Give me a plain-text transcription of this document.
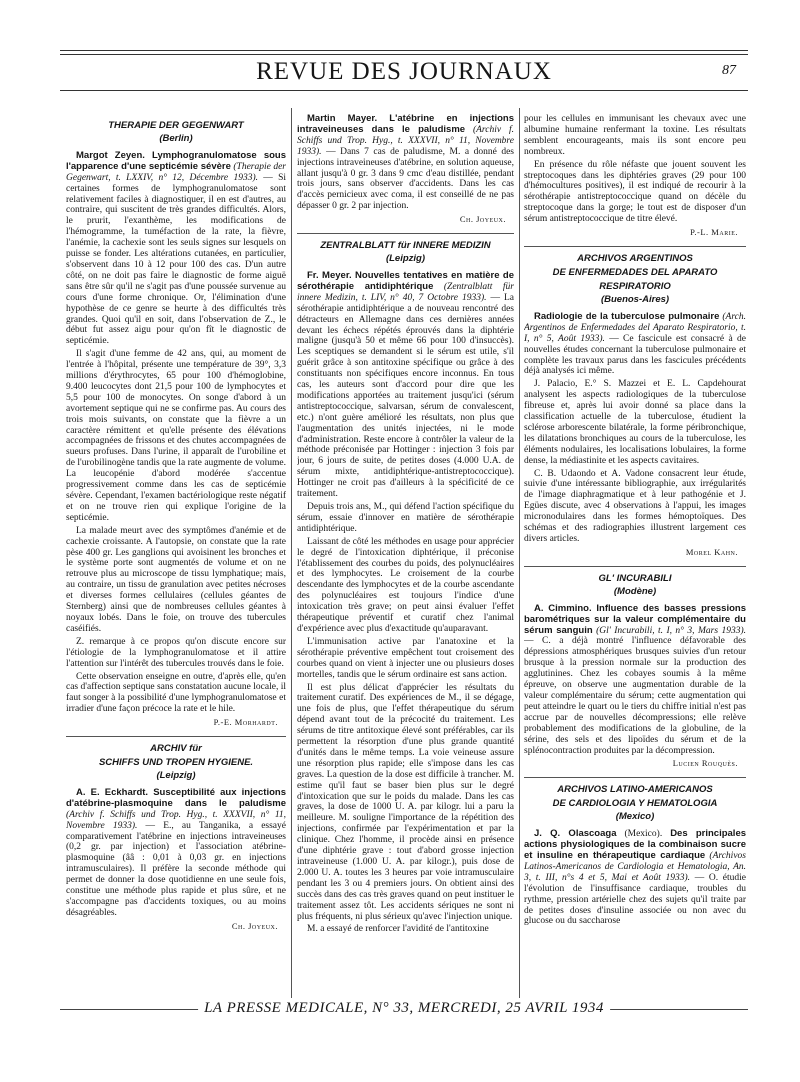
REVUE DES JOURNAUX	87
THERAPIE DER GEGENWART
(Berlin)

Margot Zeyen. Lymphogranulomatose sous l'apparence d'une septicémie sévère (Therapie der Gegenwart, t. LXXIV, n° 12, Décembre 1933). — Si certaines formes de lymphogranulomatose sont relativement faciles à diagnostiquer, il en est d'autres, au contraire, qui suscitent de très grandes difficultés. Alors, le prurit, l'exanthème, les modifications de l'hémogramme, la tuméfaction de la rate, la fièvre, l'anémie, la cachexie sont les seuls signes sur lesquels on puisse se fonder. Les altérations cutanées, en particulier, s'observent dans 10 à 12 pour 100 des cas. D'un autre côté, on ne doit pas faire le diagnostic de forme aiguë sans être sûr qu'il ne s'agit pas d'une poussée survenue au cours d'une forme chronique. Or, l'élimination d'une hypothèse de ce genre se heurte à des difficultés très grandes. Quoi qu'il en soit, dans l'observation de Z., le début fut assez aigu pour qu'on fît le diagnostic de septicémie.

Il s'agit d'une femme de 42 ans, qui, au moment de l'entrée à l'hôpital, présente une température de 39°, 3,3 millions d'érythrocytes, 65 pour 100 d'hémoglobine, 9.400 leucocytes dont 21,5 pour 100 de lymphocytes et 5,5 pour 100 de monocytes. On songe d'abord à un avortement septique qui ne se confirme pas. Au cours des trois mois suivants, on constate que la fièvre a un caractère rémittent et qu'elle présente des élévations accompagnées de frissons et des chutes accompagnées de sueurs profuses. Dans l'urine, il apparaît de l'urobiline et de l'urobilinogène tandis que la rate augmente de volume. La leucopénie d'abord modérée s'accentue progressivement comme dans les cas de septicémie sévère. Cependant, l'examen bactériologique reste négatif et on ne trouve rien qui explique l'origine de la septicémie.

La malade meurt avec des symptômes d'anémie et de cachexie croissante. A l'autopsie, on constate que la rate pèse 400 gr. Les ganglions qui avoisinent les bronches et le système porte sont augmentés de volume et on ne retrouve plus au microscope de tissu lymphatique; mais, au contraire, un tissu de granulation avec petites nécroses et diverses formes cellulaires (cellules géantes de Sternberg) ainsi que de nombreuses cellules géantes à noyaux lobés. Dans le foie, on trouve des tubercules caséifiés.

Z. remarque à ce propos qu'on discute encore sur l'étiologie de la lymphogranulomatose et il attire l'attention sur l'intérêt des tubercules trouvés dans le foie.

Cette observation enseigne en outre, d'après elle, qu'en cas d'affection septique sans constatation aucune locale, il faut songer à la possibilité d'une lymphogranulomatose et irradier d'une façon précoce la rate et le hile.

P.-E. Morhardt.
ARCHIV für
SCHIFFS UND TROPEN HYGIENE.
(Leipzig)

A. E. Eckhardt. Susceptibilité aux injections d'atébrine-plasmoquine dans le paludisme (Archiv f. Schiffs und Trop. Hyg., t. XXXVII, n° 11, Novembre 1933). — E., au Tanganika, a essayé comparativement l'atébrine en injections intraveineuses (0,2 gr. par injection) et l'association atébrine-plasmoquine (ââ : 0,01 à 0,03 gr. en injections intramusculaires). Il préfère la seconde méthode qui permet de donner la dose quotidienne en une seule fois, constitue une méthode plus rapide et plus sûre, et ne s'accompagne pas d'accidents toxiques, ou au moins désagréables.

Ch. Joyeux.

Martin Mayer. L'atébrine en injections intraveineuses dans le paludisme (Archiv f. Schiffs und Trop. Hyg., t. XXXVII, n° 11, Novembre 1933). — Dans 7 cas de paludisme, M. a donné des injections intraveineuses d'atébrine, en solution aqueuse, allant jusqu'à 0 gr. 3 dans 9 cmc d'eau distillée, pendant trois jours, sans observer d'accidents. Dans les cas d'accès pernicieux avec coma, il est conseillé de ne pas dépasser 0 gr. 2 par injection.

Ch. Joyeux.
ZENTRALBLATT für INNERE MEDIZIN
(Leipzig)

Fr. Meyer. Nouvelles tentatives en matière de sérothérapie antidiphtérique (Zentralblatt für innere Medizin, t. LIV, n° 40, 7 Octobre 1933). — La sérothérapie antidiphtérique a de nouveau rencontré des détracteurs en Allemagne dans ces dernières années devant les échecs répétés éprouvés dans la diphtérie maligne (jusqu'à 50 et même 66 pour 100 d'insuccès). Les sceptiques se demandent si le sérum est utile, s'il guérit grâce à son antitoxine spécifique ou grâce à des constituants non spécifiques encore inconnus. En tous cas, les auteurs sont d'accord pour dire que les modifications apportées au traitement jusqu'ici (sérum antistreptococcique, salvarsan, sérum de convalescent, etc.) n'ont guère amélioré les résultats, non plus que l'augmentation des unités injectées, ni le mode d'administration. Reste encore à contrôler la valeur de la méthode préconisée par Hottinger : injection 3 fois par jour, 6 jours de suite, de petites doses (4.000 U.A. de sérum mixte, antidiphtérique-antistreptococcique). Hottinger ne croit pas d'ailleurs à la spécificité de ce traitement.

Depuis trois ans, M., qui défend l'action spécifique du sérum, essaie d'innover en matière de sérothérapie antidiphtérique.

Laissant de côté les méthodes en usage pour apprécier le degré de l'intoxication diphtérique, il préconise l'établissement des courbes du poids, des polynucléaires et des lymphocytes. Le croisement de la courbe descendante des lymphocytes et de la courbe ascendante des polynucléaires est toujours l'indice d'une intoxication très grave; on peut ainsi évaluer l'effet thérapeutique préventif et curatif chez l'animal d'expérience avec plus d'exactitude qu'auparavant.

L'immunisation active par l'anatoxine et la sérothérapie préventive empêchent tout croisement des courbes quand on vient à injecter une ou plusieurs doses mortelles, tandis que le sérum ordinaire est sans action.

Il est plus délicat d'apprécier les résultats du traitement curatif. Des expériences de M., il se dégage, une fois de plus, que l'effet thérapeutique du sérum dépend avant tout de la précocité du traitement. Les sérums de titre antitoxique élevé sont préférables, car ils permettent la résorption d'une plus grande quantité d'unités dans le même temps. La voie veineuse assure une résorption plus rapide; elle s'impose dans les cas graves. La question de la dose est difficile à trancher. M. estime qu'il faut se baser bien plus sur le degré d'intoxication que sur le poids du malade. Dans les cas graves, la dose de 1000 U. A. par kilogr. lui a paru la meilleure. M. souligne l'importance de la répétition des injections, confirmée par l'expérimentation et par la clinique. Chez l'homme, il procède ainsi en présence d'une diphtérie grave : tout d'abord grosse injection intraveineuse (1.000 U. A. par kilogr.), puis dose de 2.000 U. A. toutes les 3 heures par voie intramusculaire pendant les 3 ou 4 premiers jours. On obtient ainsi des succès dans des cas très graves quand on peut instituer le traitement assez tôt. Les accidents sériques ne sont ni plus fréquents, ni plus sérieux qu'avec l'injection unique.

M. a essayé de renforcer l'avidité de l'antitoxine

pour les cellules en immunisant les chevaux avec une albumine humaine renfermant la toxine. Les résultats semblent encourageants, mais ils sont encore peu nombreux.

En présence du rôle néfaste que jouent souvent les streptocoques dans les diphtéries graves (29 pour 100 d'hémocultures positives), il est indiqué de recourir à la sérothérapie antistreptococcique quand on décèle du streptocoque dans la gorge; le tout est de disposer d'un sérum antistreptococcique de titre élevé.

P.-L. Marie.
ARCHIVOS ARGENTINOS
DE ENFERMEDADES DEL APARATO
RESPIRATORIO
(Buenos-Aires)

Radiologie de la tuberculose pulmonaire (Arch. Argentinos de Enfermedades del Aparato Respiratorio, t. I, n° 5, Août 1933). — Ce fascicule est consacré à de nouvelles études concernant la tuberculose pulmonaire et complète les travaux parus dans les fascicules précédents déjà analysés ici même.

J. Palacio, E.° S. Mazzei et E. L. Capdehourat analysent les aspects radiologiques de la tuberculose fibreuse et, après lui avoir donné sa place dans la classification actuelle de la tuberculose, étudient la sclérose arborescente bilatérale, la forme péribronchique, les dilatations bronchiques au cours de la tuberculose, les éléments nodulaires, les localisations lobulaires, la forme dense, la médiastinite et les aspects cavitaires.

C. B. Udaondo et A. Vadone consacrent leur étude, suivie d'une intéressante bibliographie, aux irrégularités de l'image diaphragmatique et à leur pathogénie et J. Egües discute, avec 4 observations à l'appui, les images micronodulaires dans les formes hémoptoïques. Des schémas et des radiographies illustrent largement ces divers articles.

Morel Kahn.
GL' INCURABILI
(Modène)

A. Cimmino. Influence des basses pressions barométriques sur la valeur complémentaire du sérum sanguin (Gl' Incurabili, t. I, n° 3, Mars 1933). — C. a déjà montré l'influence défavorable des dépressions atmosphériques brusques suivies d'un retour brusque à la pression normale sur la production des agglutinines. Chez les cobayes soumis à la même épreuve, on observe une augmentation durable de la valeur complémentaire du sérum; cette augmentation qui peut atteindre le quart ou le tiers du chiffre initial n'est pas accrue par de nouvelles décompressions; elle relève probablement des modifications de la globuline, de la sérine, des sels et des lipoïdes du sérum et de la splénocontraction produites par la décompression.

Lucien Rouquès.
ARCHIVOS LATINO-AMERICANOS
DE CARDIOLOGIA Y HEMATOLOGIA
(Mexico)

J. Q. Olascoaga (Mexico). Des principales actions physiologiques de la combinaison sucre et insuline en thérapeutique cardiaque (Archivos Latinos-Americanos de Cardiologia et Hematologia, An. 3, t. III, n°s 4 et 5, Mai et Août 1933). — O. étudie l'évolution de l'insuffisance cardiaque, troubles du rythme, pression artérielle chez des sujets qu'il traite par de petites doses d'insuline associée ou non avec du glucose ou du saccharose

LA PRESSE MEDICALE, N° 33, MERCREDI, 25 AVRIL 1934
